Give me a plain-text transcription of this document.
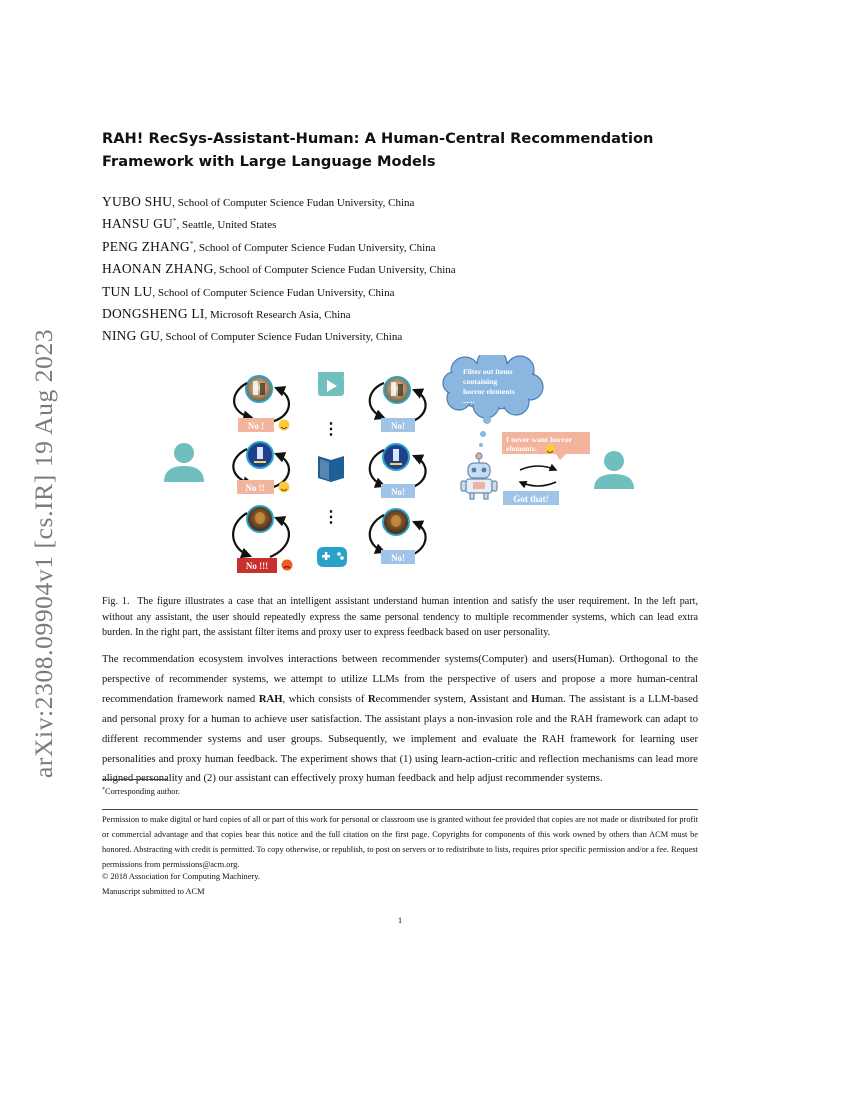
arXiv:2308.09904v1 [cs.IR] 19 Aug 2023
RAH! RecSys-Assistant-Human: A Human-Central Recommendation Framework with Large Language Models
YUBO SHU, School of Computer Science Fudan University, China
HANSU GU*, Seattle, United States
PENG ZHANG*, School of Computer Science Fudan University, China
HAONAN ZHANG, School of Computer Science Fudan University, China
TUN LU, School of Computer Science Fudan University, China
DONGSHENG LI, Microsoft Research Asia, China
NING GU, School of Computer Science Fudan University, China
No !
No !!
No !!!
⋮
⋮
No!
No!
No!
Filter out items
containing
horror elements
......
I never want horror
elements.
Got that!
Fig. 1. The figure illustrates a case that an intelligent assistant understand human intention and satisfy the user requirement. In the left part, without any assistant, the user should repeatedly express the same personal tendency to multiple recommender systems, which can lead extra burden. In the right part, the assistant filter items and proxy user to express feedback based on user personality.
The recommendation ecosystem involves interactions between recommender systems(Computer) and users(Human). Orthogonal to the perspective of recommender systems, we attempt to utilize LLMs from the perspective of users and propose a more human-central recommendation framework named RAH, which consists of Recommender system, Assistant and Human. The assistant is a LLM-based and personal proxy for a human to achieve user satisfaction. The assistant plays a non-invasion role and the RAH framework can adapt to different recommender systems and user groups. Subsequently, we implement and evaluate the RAH framework for learning user personalities and proxy human feedback. The experiment shows that (1) using learn-action-critic and reflection mechanisms can lead more aligned personality and (2) our assistant can effectively proxy human feedback and help adjust recommender systems.
*Corresponding author.
Permission to make digital or hard copies of all or part of this work for personal or classroom use is granted without fee provided that copies are not made or distributed for profit or commercial advantage and that copies bear this notice and the full citation on the first page. Copyrights for components of this work owned by others than ACM must be honored. Abstracting with credit is permitted. To copy otherwise, or republish, to post on servers or to redistribute to lists, requires prior specific permission and/or a fee. Request permissions from permissions@acm.org.
© 2018 Association for Computing Machinery.
Manuscript submitted to ACM
1
